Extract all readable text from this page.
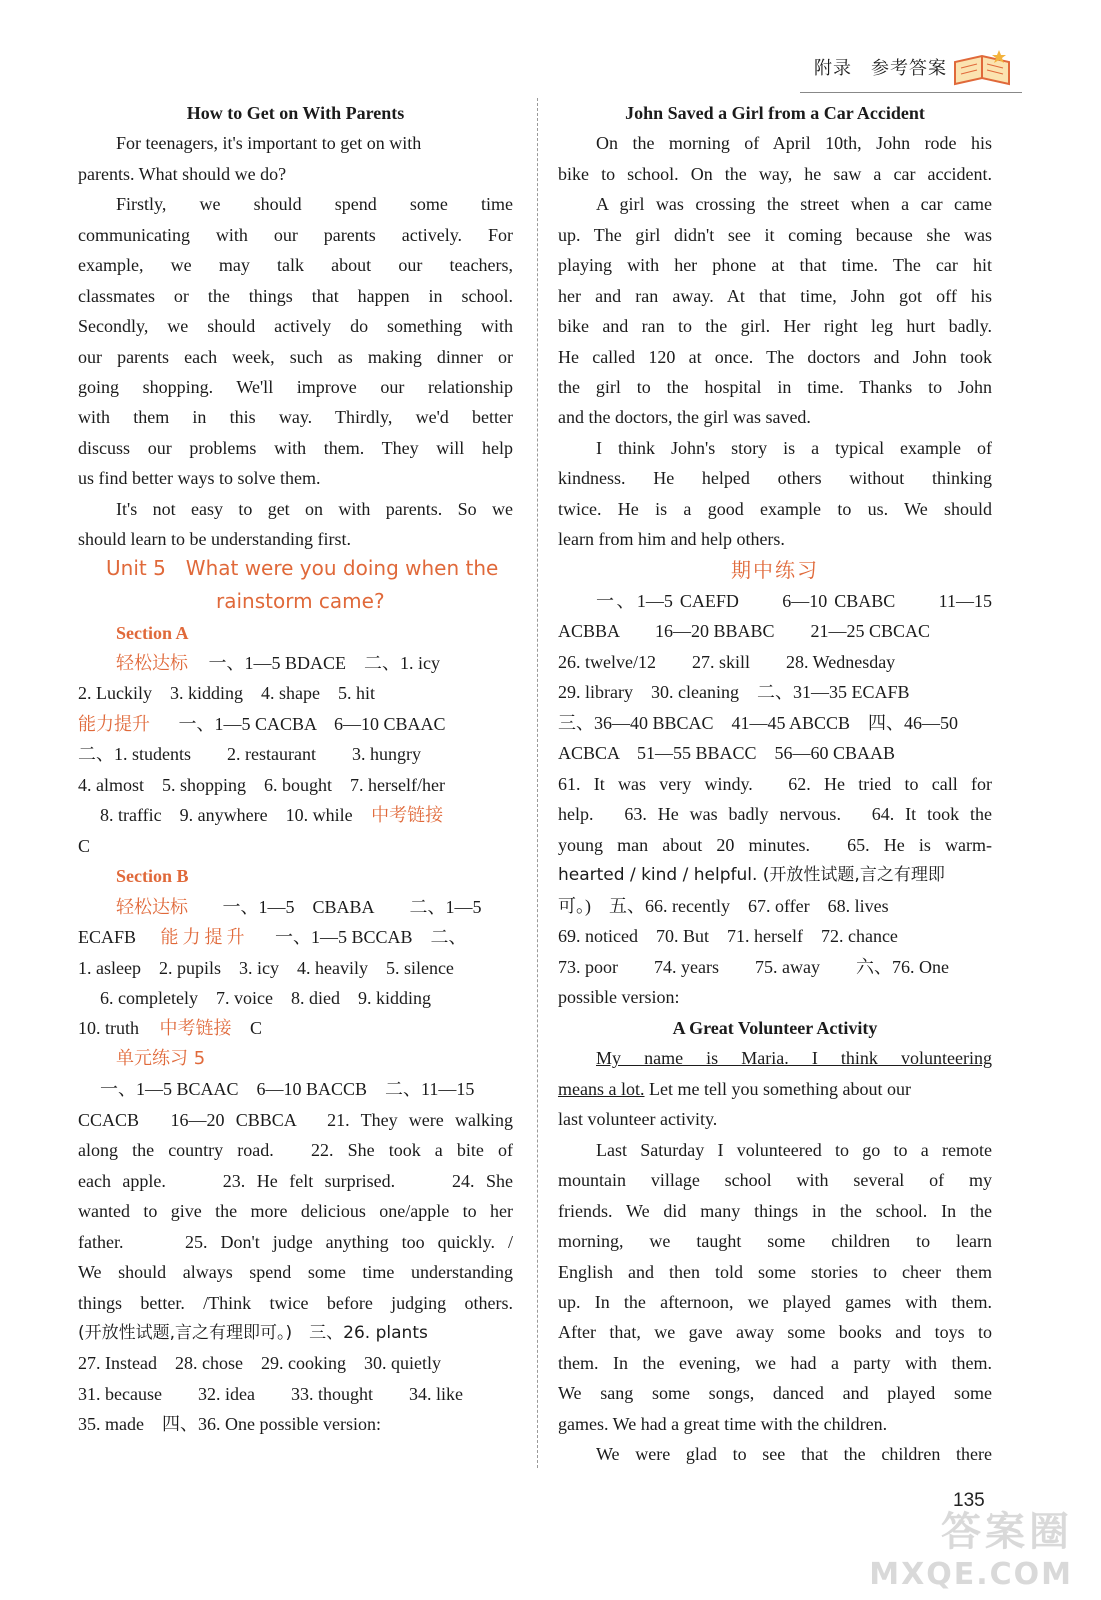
附录　参考答案
How to Get on With Parents
For teenagers, it's important to get on with
parents. What should we do?
Firstly, we should spend some time
communicating with our parents actively. For
example, we may talk about our teachers,
classmates or the things that happen in school.
Secondly, we should actively do something with
our parents each week, such as making dinner or
going shopping. We'll improve our relationship
with them in this way. Thirdly, we'd better
discuss our problems with them. They will help
us find better ways to solve them.
It's not easy to get on with parents. So we
should learn to be understanding first.
Unit 5　What were you doing when the
rainstorm came?
Section A
轻松达标 一、1—5 BDACE　二、1. icy
2. Luckily　3. kidding　4. shape　5. hit
能力提升 一、1—5 CACBA　6—10 CBAAC
二、1. students　　2. restaurant　　3. hungry
4. almost　5. shopping　6. bought　7. herself/her
8. traffic　9. anywhere　10. while 中考链接
C
Section B
轻松达标 一、1—5　CBABA　　二、1—5
ECAFB 能力提升 一、1—5 BCCAB　二、
1. asleep　2. pupils　3. icy　4. heavily　5. silence
6. completely　7. voice　8. died　9. kidding
10. truth 中考链接 C
单元练习 5
一、1—5 BCAAC　6—10 BACCB　二、11—15
CCACB　16—20 CBBCA　21. They were walking
along the country road.　22. She took a bite of
each apple.　　23. He felt surprised.　　24. She
wanted to give the more delicious one/apple to her
father.　　25. Don't judge anything too quickly. /
We should always spend some time understanding
things better. /Think twice before judging others.
(开放性试题,言之有理即可。)　三、26. plants
27. Instead　28. chose　29. cooking　30. quietly
31. because　　32. idea　　33. thought　　34. like
35. made　四、36. One possible version:
John Saved a Girl from a Car Accident
On the morning of April 10th, John rode his
bike to school. On the way, he saw a car accident.
A girl was crossing the street when a car came
up. The girl didn't see it coming because she was
playing with her phone at that time. The car hit
her and ran away. At that time, John got off his
bike and ran to the girl. Her right leg hurt badly.
He called 120 at once. The doctors and John took
the girl to the hospital in time. Thanks to John
and the doctors, the girl was saved.
I think John's story is a typical example of
kindness. He helped others without thinking
twice. He is a good example to us. We should
learn from him and help others.
期中练习
一、1—5 CAEFD　　6—10 CBABC　　11—15
ACBBA　　16—20 BBABC　　21—25 CBCAC
26. twelve/12　　27. skill　　28. Wednesday
29. library　30. cleaning　二、31—35 ECAFB
三、36—40 BBCAC　41—45 ABCCB　四、46—50
ACBCA　51—55 BBACC　56—60 CBAAB
61. It was very windy.　62. He tried to call for
help.　63. He was badly nervous.　64. It took the
young man about 20 minutes.　65. He is warm-
hearted / kind / helpful. (开放性试题,言之有理即
可。)　五、66. recently　67. offer　68. lives
69. noticed　70. But　71. herself　72. chance
73. poor　　74. years　　75. away　　六、76. One
possible version:
A Great Volunteer Activity
My name is Maria. I think volunteering
means a lot. Let me tell you something about our
last volunteer activity.
Last Saturday I volunteered to go to a remote
mountain village school with several of my
friends. We did many things in the school. In the
morning, we taught some children to learn
English and then told some stories to cheer them
up. In the afternoon, we played games with them.
After that, we gave away some books and toys to
them. In the evening, we had a party with them.
We sang some songs, danced and played some
games. We had a great time with the children.
We were glad to see that the children there
135
答案圈
MXQE.COM
